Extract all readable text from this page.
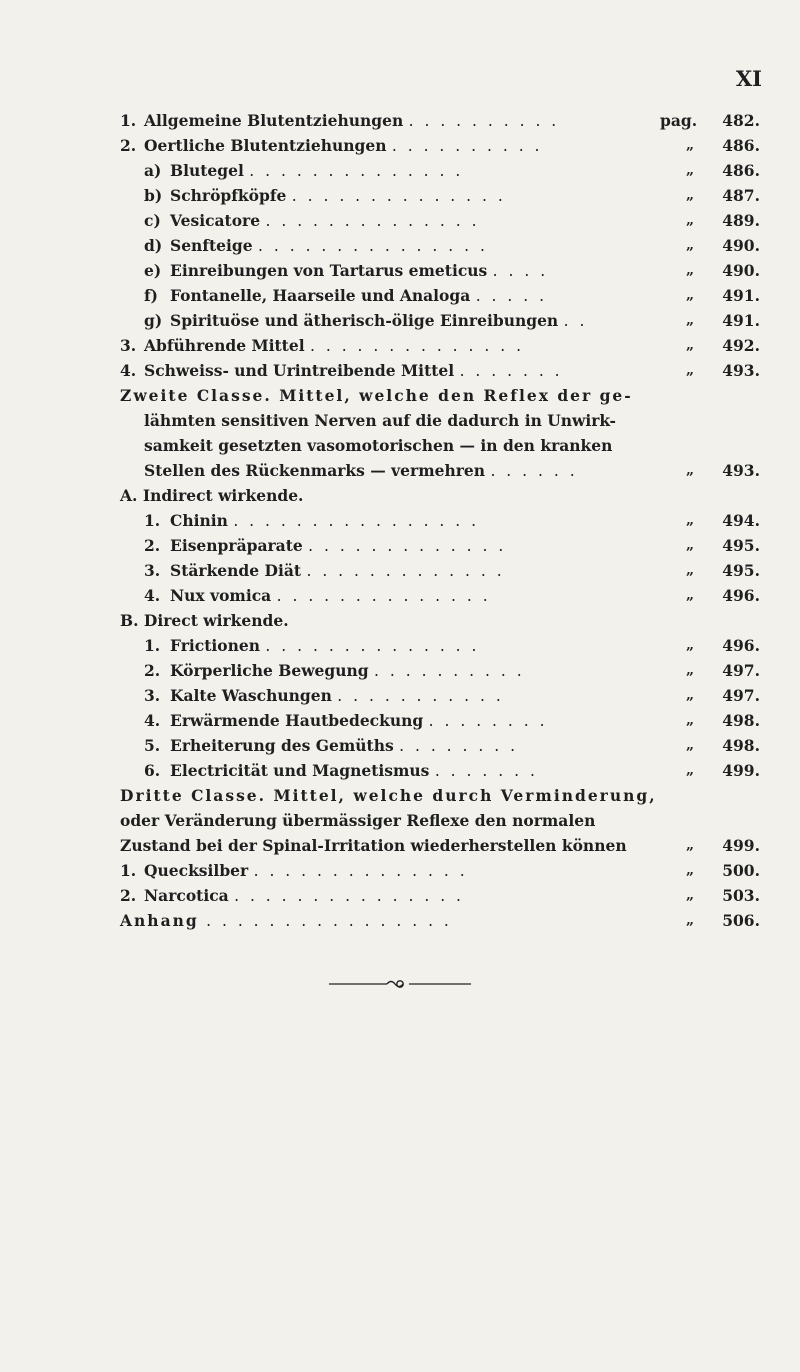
XI
1. Allgemeine Blutentziehungen . . . . . . . . . .	pag.	482.
2. Oertliche Blutentziehungen . . . . . . . . . .	„	486.
a) Blutegel . . . . . . . . . . . . . .	„	486.
b) Schröpfköpfe . . . . . . . . . . . . . .	„	487.
c) Vesicatore . . . . . . . . . . . . . .	„	489.
d) Senfteige . . . . . . . . . . . . . . .	„	490.
e) Einreibungen von Tartarus emeticus . . . .	„	490.
f) Fontanelle, Haarseile und Analoga . . . . .	„	491.
g) Spirituöse und ätherisch-ölige Einreibungen . .	„	491.
3. Abführende Mittel . . . . . . . . . . . . . .	„	492.
4. Schweiss- und Urintreibende Mittel . . . . . . .	„	493.
Zweite Classe. Mittel, welche den Reflex der ge-
lähmten sensitiven Nerven auf die dadurch in Unwirk-
samkeit gesetzten vasomotorischen — in den kranken
Stellen des Rückenmarks — vermehren . . . . . .	„	493.
A. Indirect wirkende.
1. Chinin . . . . . . . . . . . . . . . .	„	494.
2. Eisenpräparate . . . . . . . . . . . . .	„	495.
3. Stärkende Diät . . . . . . . . . . . . .	„	495.
4. Nux vomica . . . . . . . . . . . . . .	„	496.
B. Direct wirkende.
1. Frictionen . . . . . . . . . . . . . .	„	496.
2. Körperliche Bewegung . . . . . . . . . .	„	497.
3. Kalte Waschungen . . . . . . . . . . .	„	497.
4. Erwärmende Hautbedeckung . . . . . . . .	„	498.
5. Erheiterung des Gemüths . . . . . . . .	„	498.
6. Electricität und Magnetismus . . . . . . .	„	499.
Dritte Classe. Mittel, welche durch Verminderung,
oder Veränderung übermässiger Reflexe den normalen
Zustand bei der Spinal-Irritation wiederherstellen können	„	499.
1. Quecksilber . . . . . . . . . . . . . .	„	500.
2. Narcotica . . . . . . . . . . . . . . .	„	503.
Anhang . . . . . . . . . . . . . . . .	„	506.
